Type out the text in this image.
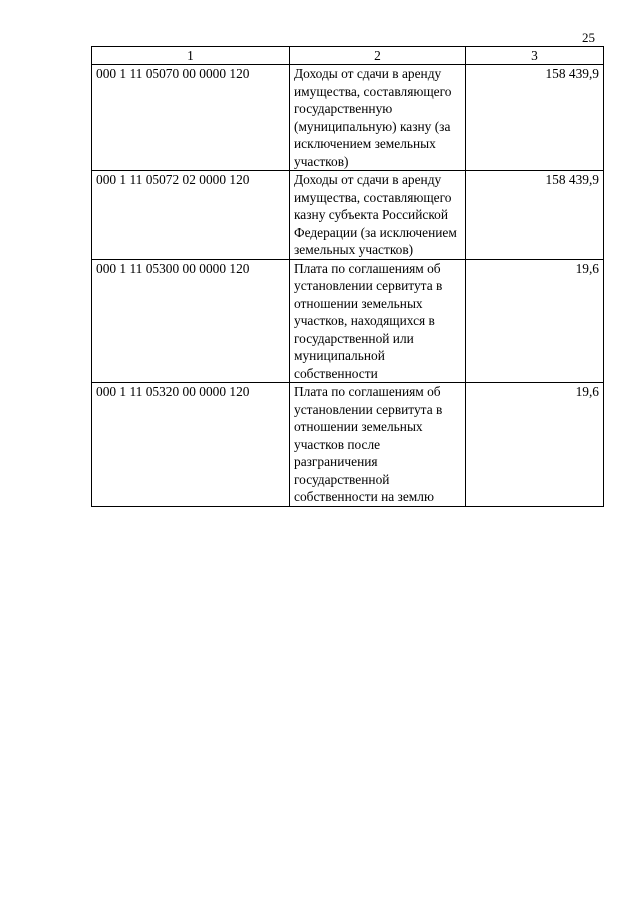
25
1	2	3
000 1 11 05070 00 0000 120	Доходы от сдачи в аренду имущества, составляющего государственную (муниципальную) казну (за исключением земельных участков)	158 439,9
000 1 11 05072 02 0000 120	Доходы от сдачи в аренду имущества, составляющего казну субъекта Российской Федерации (за исключением земельных участков)	158 439,9
000 1 11 05300 00 0000 120	Плата по соглашениям об установлении сервитута в отношении земельных участков, находящихся в государственной или муниципальной собственности	19,6
000 1 11 05320 00 0000 120	Плата по соглашениям об установлении сервитута в отношении земельных участков после разграничения государственной собственности на землю	19,6
